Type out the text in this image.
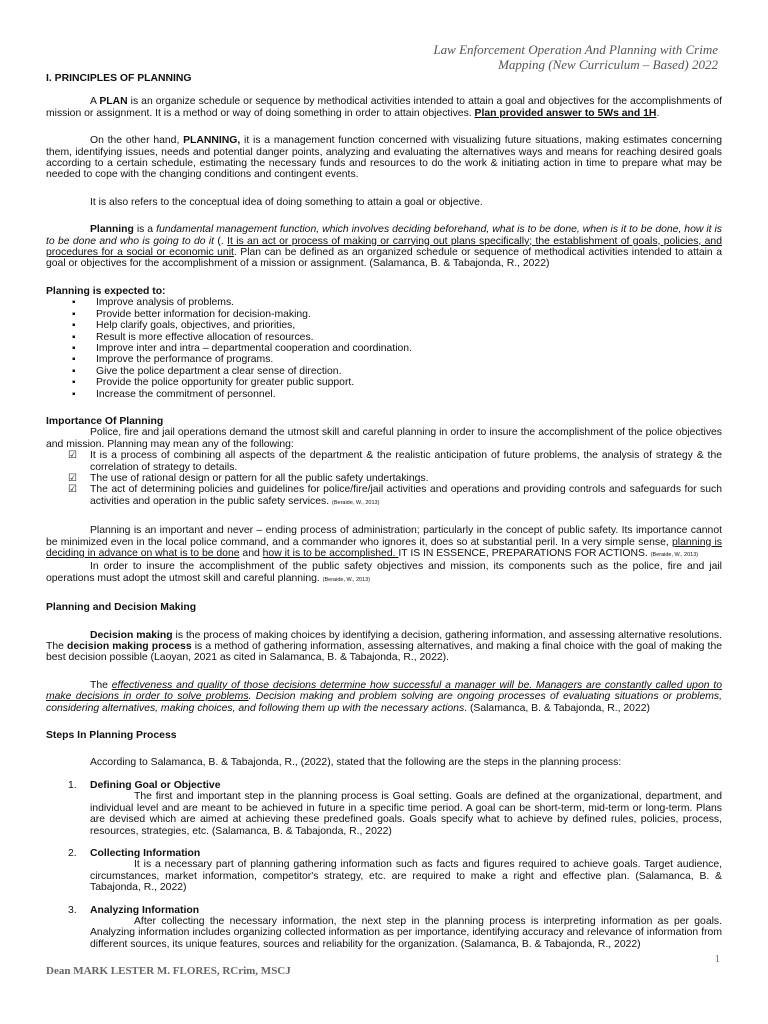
Law Enforcement Operation And Planning with Crime
Mapping (New Curriculum – Based) 2022

I. PRINCIPLES OF PLANNING

A PLAN is an organize schedule or sequence by methodical activities intended to attain a goal and objectives for the accomplishments of mission or assignment. It is a method or way of doing something in order to attain objectives. Plan provided answer to 5Ws and 1H.

On the other hand, PLANNING, it is a management function concerned with visualizing future situations, making estimates concerning them, identifying issues, needs and potential danger points, analyzing and evaluating the alternatives ways and means for reaching desired goals according to a certain schedule, estimating the necessary funds and resources to do the work & initiating action in time to prepare what may be needed to cope with the changing conditions and contingent events.

It is also refers to the conceptual idea of doing something to attain a goal or objective.

Planning is a fundamental management function, which involves deciding beforehand, what is to be done, when is it to be done, how it is to be done and who is going to do it (. It is an act or process of making or carrying out plans specifically; the establishment of goals, policies, and procedures for a social or economic unit. Plan can be defined as an organized schedule or sequence of methodical activities intended to attain a goal or objectives for the accomplishment of a mission or assignment. (Salamanca, B. & Tabajonda, R., 2022)

Planning is expected to:

▪ Improve analysis of problems.
▪ Provide better information for decision-making.
▪ Help clarify goals, objectives, and priorities,
▪ Result is more effective allocation of resources.
▪ Improve inter and intra – departmental cooperation and coordination.
▪ Improve the performance of programs.
▪ Give the police department a clear sense of direction.
▪ Provide the police opportunity for greater public support.
▪ Increase the commitment of personnel.

Importance Of Planning

Police, fire and jail operations demand the utmost skill and careful planning in order to insure the accomplishment of the police objectives and mission. Planning may mean any of the following:

☑ It is a process of combining all aspects of the department & the realistic anticipation of future problems, the analysis of strategy & the correlation of strategy to details.
☑ The use of rational design or pattern for all the public safety undertakings.
☑ The act of determining policies and guidelines for police/fire/jail activities and operations and providing controls and safeguards for such activities and operation in the public safety services. (Beraide, W., 2013)

Planning is an important and never – ending process of administration; particularly in the concept of public safety. Its importance cannot be minimized even in the local police command, and a commander who ignores it, does so at substantial peril. In a very simple sense, planning is deciding in advance on what is to be done and how it is to be accomplished. IT IS IN ESSENCE, PREPARATIONS FOR ACTIONS. (Beraide, W., 2013)

In order to insure the accomplishment of the public safety objectives and mission, its components such as the police, fire and jail operations must adopt the utmost skill and careful planning. (Beraide, W., 2013)

Planning and Decision Making

Decision making is the process of making choices by identifying a decision, gathering information, and assessing alternative resolutions. The decision making process is a method of gathering information, assessing alternatives, and making a final choice with the goal of making the best decision possible (Laoyan, 2021 as cited in Salamanca, B. & Tabajonda, R., 2022).

The effectiveness and quality of those decisions determine how successful a manager will be. Managers are constantly called upon to make decisions in order to solve problems. Decision making and problem solving are ongoing processes of evaluating situations or problems, considering alternatives, making choices, and following them up with the necessary actions. (Salamanca, B. & Tabajonda, R., 2022)

Steps In Planning Process

According to Salamanca, B. & Tabajonda, R., (2022), stated that the following are the steps in the planning process:

1. Defining Goal or Objective
The first and important step in the planning process is Goal setting. Goals are defined at the organizational, department, and individual level and are meant to be achieved in future in a specific time period. A goal can be short-term, mid-term or long-term. Plans are devised which are aimed at achieving these predefined goals. Goals specify what to achieve by defined rules, policies, process, resources, strategies, etc. (Salamanca, B. & Tabajonda, R., 2022)
2. Collecting Information
It is a necessary part of planning gathering information such as facts and figures required to achieve goals. Target audience, circumstances, market information, competitor's strategy, etc. are required to make a right and effective plan. (Salamanca, B. & Tabajonda, R., 2022)
3. Analyzing Information
After collecting the necessary information, the next step in the planning process is interpreting information as per goals. Analyzing information includes organizing collected information as per importance, identifying accuracy and relevance of information from different sources, its unique features, sources and reliability for the organization. (Salamanca, B. & Tabajonda, R., 2022)
1
Dean MARK LESTER M. FLORES, RCrim, MSCJ
